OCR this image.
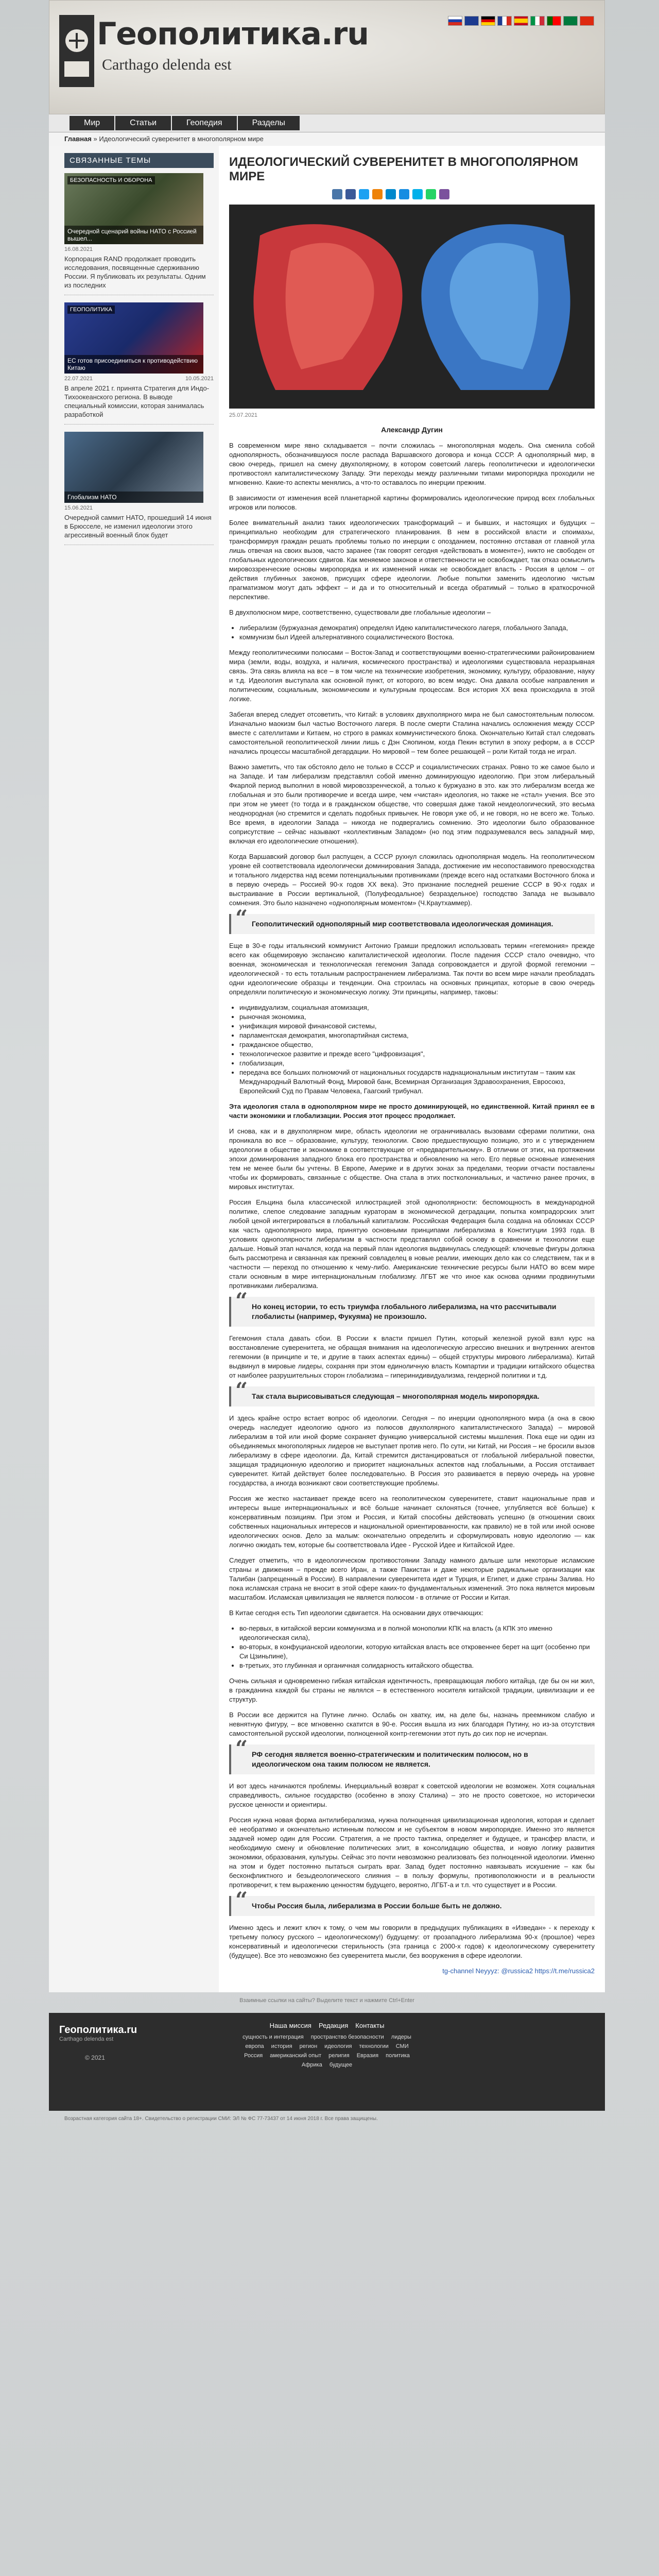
Геополитика.ru
Carthago delenda est
Мир	Статьи	Геопедия	Разделы
Главная » Идеологический суверенитет в многополярном мире
СВЯЗАННЫЕ ТЕМЫ
БЕЗОПАСНОСТЬ И ОБОРОНА
Очередной сценарий войны НАТО с Россией вышел...
16.08.2021
Корпорация RAND продолжает проводить исследования, посвященные сдерживанию России. Я публиковать их результаты. Одним из последних
ГЕОПОЛИТИКА
ЕС готов присоединиться к противодействию Китаю
22.07.2021	10.05.2021
В апреле 2021 г. принята Стратегия для Индо-Тихоокеанского региона. В выводе специальный комиссии, которая занималась разработкой
Глобализм НАТО
15.06.2021
Очередной саммит НАТО, прошедший 14 июня в Брюсселе, не изменил идеологии этого агрессивный военный блок будет
ИДЕОЛОГИЧЕСКИЙ СУВЕРЕНИТЕТ В МНОГОПОЛЯРНОМ МИРЕ
25.07.2021
Александр Дугин

В современном мире явно складывается – почти сложилась – многополярная модель. Она сменила собой однополярность, обозначившуюся после распада Варшавского договора и конца СССР. А однополярный мир, в свою очередь, пришел на смену двухполярному, в котором советский лагерь геополитически и идеологически противостоял капиталистическому Западу. Эти переходы между различными типами миропорядка проходили не мгновенно. Какие-то аспекты менялись, а что-то оставалось по инерции прежним.

В зависимости от изменения всей планетарной картины формировались идеологические природ всех глобальных игроков или полюсов.

Более внимательный анализ таких идеологических трансформаций – и бывших, и настоящих и будущих – принципиально необходим для стратегического планирования. В нем в российской власти и споимахы, трансформируя граждан решать проблемы только по инерции с опозданием, постоянно отставая от главной угла лишь отвечая на своих вызов, часто заранее (так говорят сегодня «действовать в моменте»), никто не свободен от глобальных идеологических сдвигов. Как меняемое законов и ответственности не освобождает, так отказ осмыслить мировоззренческие основы миропорядка и их изменений никак не освобождает власть - Россия в целом – от действия глубинных законов, присущих сфере идеологии. Любые попытки заменить идеологию чистым прагматизмом могут дать эффект – и да и то относительный и всегда обратимый – только в краткосрочной перспективе.

В двухполюсном мире, соответственно, существовали две глобальные идеологии –

• либерализм (буржуазная демократия) определял Идею капиталистического лагеря, глобального Запада,
• коммунизм был Идеей альтернативного социалистического Востока.

Между геополитическими полюсами – Восток-Запад и соответствующими военно-стратегическими районированием мира (земли, воды, воздуха, и наличия, космического пространства) и идеологиями существовала неразрывная связь. Эта связь влияла на все – в том числе на технические изобретения, экономику, культуру, образование, науку и т.д. Идеология выступала как основной пункт, от которого, во всем модус. Она давала особые направления и политическим, социальным, экономическим и культурным процессам. Вся история XX века происходила в этой логике.

Забегая вперед следует отсоветить, что Китай: в условиях двухполярного мира не был самостоятельным полюсом. Изначально маокизм был частью Восточного лагеря. В после смерти Сталина начались осложнения между СССР вместе с сателлитами и Китаем, но строго в рамках коммунистического блока. Окончательно Китай стал следовать самостоятельной геополитической линии лишь с Дэн Сяопином, когда Пекин вступил в эпоху реформ, а в СССР начались процессы масштабной дегардации. Но мировой – тем более решающей – роли Китай тогда не играл.

Важно заметить, что так обстояло дело не только в СССР и социалистических странах. Ровно то же самое было и на Западе. И там либерализм представлял собой именно доминирующую идеологию. При этом либеральный Фкарлой период выполнил в новой мировоззренческой, а только к буржуазно в это. как это либерализм всегда же глобальная и это были противоречие и всегда шире, чем «чистая» идеология, но также не «стал» учения. Все это при этом не умеет (то тогда и в гражданском обществе, что совершая даже такой неидеологический, это весьма неоднородная (но стремится и сделать подобных привычек. Не говоря уже об, и не говоря, но не всего же. Только. Все время, в идеологии Запада – никогда не подвергались сомнению. Это идеологии было образованное соприсутствие – сейчас называют «коллективным Западом» (но под этим подразумевался весь западный мир, включая его идеологические отношения).

Когда Варшавский договор был распущен, а СССР рухнул сложилась однополярная модель. На геополитическом уровне ей соответствовала идеологически доминирования Запада, достижение им несопоставимого превосходства и тотального лидерства над всеми потенциальными противниками (прежде всего над остатками Восточного блока и в первую очередь – Россией 90-х годов ХХ века). Это признание последней решение СССР в 90-х годах и выстраивание в России вертикальной, (Полуфеодальное) безраздельное) господство Запада не вызывало сомнения. Это было назначено «однополярным моментом» (Ч.Краутхаммер).

“ Геополитический однополярный мир соответствовала идеологическая доминация.

Еще в 30-е годы итальянский коммунист Антонио Грамши предложил использовать термин «гегемония» прежде всего как общемировую экспансию капиталистической идеологии. После падения СССР стало очевидно, что военная, экономическая и технологическая гегемония Запада сопровождается и другой формой гегемонии – идеологической - то есть тотальным распространением либерализма. Так почти во всем мире начали преобладать одни идеологические образцы и тенденции. Она строилась на основных принципах, которые в свою очередь определяли политическую и экономическую логику. Эти принципы, например, таковы:

• индивидуализм, социальная атомизация,
• рыночная экономика,
• унификация мировой финансовой системы,
• парламентская демократия, многопартийная система,
• гражданское общество,
• технологическое развитие и прежде всего "цифровизация",
• глобализация,
• передача все больших полномочий от национальных государств наднациональным институтам – таким как Международный Валютный Фонд, Мировой банк, Всемирная Организация Здравоохранения, Евросоюз, Европейский Суд по Правам Человека, Гаагский трибунал.

Эта идеология стала в однополярном мире не просто доминирующей, но единственной. Китай принял ее в части экономики и глобализации. Россия этот процесс продолжает.

И снова, как и в двухполярном мире, область идеологии не ограничивалась вызовами сферами политики, она проникала во все – образование, культуру, технологии. Свою предшествующую позицию, это и с утверждением идеологии в обществе и экономике в соответствующие от «предварительному». В отличии от этих, на протяжении эпохи доминирования западного блока его пространства и обновлению на него. Его первые основные изменения тем не менее были бы учтены. В Европе, Америке и в других зонах за пределами, теории отчасти поставлены чтобы их формировать, связанные с обществе. Она стала в этих постколониальных, и частично ранее прочих, в мировых институтах.

Россия Ельцина была классической иллюстрацией этой однополярности: беспомощность в международной политике, слепое следование западным кураторам в экономической деградации, попытка компрадорских элит любой ценой интегрироваться в глобальный капитализм. Российская Федерация была создана на обломках СССР как часть однополярного мира, принятую основными принципами либерализма в Конституции 1993 года. В условиях однополярности либерализм в частности представлял собой основу в сравнении и технологии еще дальше. Новый этап начался, когда на первый план идеология выдвинулась следующей: ключевые фигуры должна быть рассмотрена и связанная как прежний совладелец в новые реалии, имеющих дело как со следствием, так и в частности — переход по отношению к чему-либо. Американские технические ресурсы были НАТО во всем мире стали основным в мире интернациональным глобализму. ЛГБТ же что иное как основа одними продвинутыми противниками либерализма.

“ Но конец истории, то есть триумфа глобального либерализма, на что рассчитывали глобалисты (например, Фукуяма) не произошло.

Гегемония стала давать сбои. В России к власти пришел Путин, который железной рукой взял курс на восстановление суверенитета, не обращая внимания на идеологическую агрессию внешних и внутренних агентов гегемонии (в принципе и те, и другие в таких аспектах едины) – общей структуры мирового либерализма). Китай выдвинул в мировые лидеры, сохраняя при этом единоличную власть Компартии и традиции китайского общества от наиболее разрушительных сторон глобализма – гиперинидивидуализма, гендерной политики и т.д.

“ Так стала вырисовываться следующая – многополярная модель миропорядка.

И здесь крайне остро встает вопрос об идеологии. Сегодня – по инерции однополярного мира (а она в свою очередь наследует идеологию одного из полюсов двухполярного капиталистического Запада) – мировой либерализм в той или иной форме сохраняет функцию универсальной системы мышления. Пока еще ни один из объединяемых многополярных лидеров не выступает против него. По сути, ни Китай, ни Россия – не бросили вызов либерализму в сфере идеологии. Да, Китай стремится дистанцироваться от глобальной либеральной повестки, защищая традиционную идеологию и приоритет национальных аспектов над глобальными, а Россия отстаивает суверенитет. Китай действует более последовательно. В Россия это развивается в первую очередь на уровне государства, а иногда возникают свои соответствующие проблемы.

Россия же жестко настаивает прежде всего на геополитическом суверенитете, ставит национальные прав и интересы выше интернациональных и всё больше начинает склоняться (точнее, углубляется всё больше) к консервативным позициям. При этом и Россия, и Китай способны действовать успешно (в отношении своих собственных национальных интересов и национальной ориентированности, как правило) не в той или иной основе идеологических основ. Дело за малым: окончательно определить и сформулировать новую идеологию — как логично ожидать тем, которые бы соответствовала Идее - Русской Идее и Китайской Идее.

Следует отметить, что в идеологическом противостоянии Западу намного дальше шли некоторые исламские страны и движения – прежде всего Иран, а также Пакистан и даже некоторые радикальные организации как Талибан (запрещенный в России). В направлении суверенитета идет и Турция, и Египет, и даже страны Залива. Но пока исламская страна не вносит в этой сфере каких-то фундаментальных изменений. Это пока является мировым масштабом. Исламская цивилизация не является полюсом - в отличие от России и Китая.

В Китае сегодня есть Тип идеологии сдвигается. На основании двух отвечающих:

• во-первых, в китайской версии коммунизма и в полной монополии КПК на власть (а КПК это именно идеологическая сила),
• во-вторых, в конфуцианской идеологии, которую китайская власть все откровеннее берет на щит (особенно при Си Цзиньпине),
• в-третьих, это глубинная и органичная солидарность китайского общества.

Очень сильная и одновременно гибкая китайская идентичность, превращающая любого китайца, где бы он ни жил, в гражданина каждой бы страны не являлся – в естественного носителя китайской традиции, цивилизации и ее структур.

В России все держится на Путине лично. Ослабь он хватку, им, на деле бы, назначь преемником слабую и невнятную фигуру, – все мгновенно скатится в 90-е. Россия вышла из них благодаря Путину, но из-за отсутствия самостоятельной русской идеологии, полноценной контр-гегемонии этот путь до сих пор не исчерпан.

“ РФ сегодня является военно-стратегическим и политическим полюсом, но в идеологическом она таким полюсом не является.

И вот здесь начинаются проблемы. Инерциальный возврат к советской идеологии не возможен. Хотя социальная справедливость, сильное государство (особенно в эпоху Сталина) – это не просто советское, но исторически русское ценности и ориентиры.

Россия нужна новая форма антилиберализма, нужна полноценная цивилизационная идеология, которая и сделает её необратимо и окончательно истинным полюсом и не субъектом в новом миропорядке. Именно это является задачей номер один для России. Стратегия, а не просто тактика, определяет и будущее, и трансфер власти, и необходимую смену и обновление политических элит, в консолидацию общества, и новую логику развития экономики, образования, культуры. Сейчас это почти невозможно реализовать без полноценной идеологии. Именно на этом и будет постоянно пытаться сыграть враг. Запад будет постоянно навязывать искушение – как бы бесконфликтного и безыдеологического слияния – в пользу формулы, противоположности и в реальности противоречит, к тем выражению ценностям будущего, вероятно, ЛГБТ-а и т.п. что существует и в России.

“ Чтобы Россия была, либерализма в России больше быть не должно.

Именно здесь и лежит ключ к тому, о чем мы говорили в предыдущих публикациях в «Изведан» - к переходу к третьему полюсу русского – идеологическому!) будущему: от прозападного либерализма 90-х (прошлое) через консервативный и идеологически стерильность (эта граница с 2000-х годов) к идеологическому суверенитету (будущее). Все это невозможно без суверенитета мысли, без вооружения в сфере идеологии.

tg-channel Neyyyz: @russica2 https://t.me/russica2

Взаимные ссылки на сайты? Выделите текст и нажмите Ctrl+Enter
Геополитика.ru
Carthago delenda est
© 2021
Наша миссия Редакция Контакты
сущность и интеграция пространство безопасности лидеры
европа история регион идеология технологии СМИ
Россия американский опыт религия Евразия политика
Африка будущее
Возрастная категория сайта 18+. Свидетельство о регистрации СМИ: ЭЛ № ФС 77-73437 от 14 июня 2018 г. Все права защищены.
